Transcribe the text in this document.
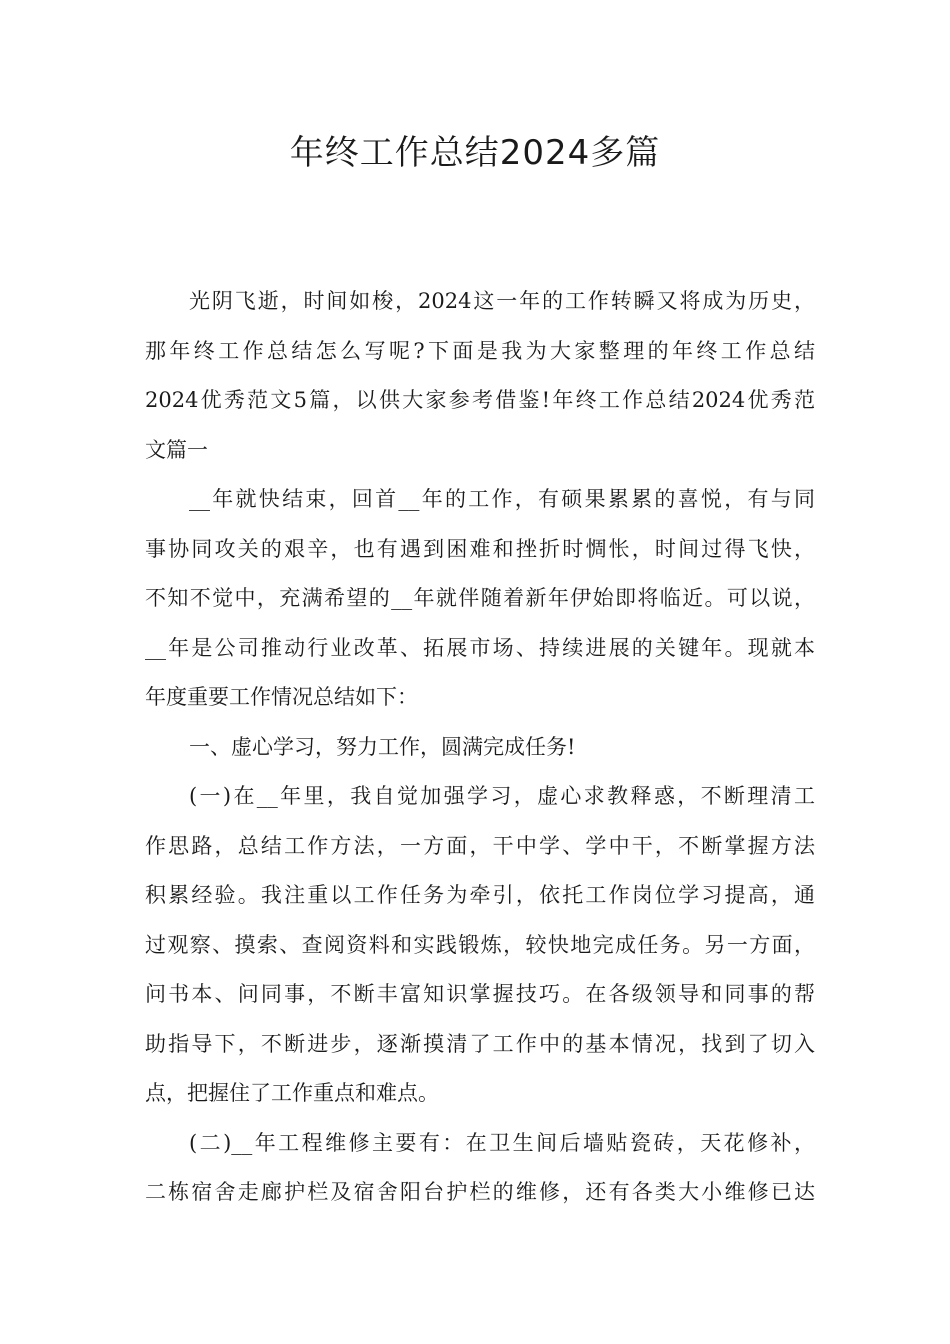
年终工作总结2024多篇
光阴飞逝，时间如梭，2024这一年的工作转瞬又将成为历史，
那年终工作总结怎么写呢?下面是我为大家整理的年终工作总结
2024优秀范文5篇，以供大家参考借鉴!年终工作总结2024优秀范
文篇一
__年就快结束，回首__年的工作，有硕果累累的喜悦，有与同
事协同攻关的艰辛，也有遇到困难和挫折时惆怅，时间过得飞快，
不知不觉中，充满希望的__年就伴随着新年伊始即将临近。可以说，
__年是公司推动行业改革、拓展市场、持续进展的关键年。现就本
年度重要工作情况总结如下：
一、虚心学习，努力工作，圆满完成任务!
(一)在__年里，我自觉加强学习，虚心求教释惑，不断理清工
作思路，总结工作方法，一方面，干中学、学中干，不断掌握方法
积累经验。我注重以工作任务为牵引，依托工作岗位学习提高，通
过观察、摸索、查阅资料和实践锻炼，较快地完成任务。另一方面，
问书本、问同事，不断丰富知识掌握技巧。在各级领导和同事的帮
助指导下，不断进步，逐渐摸清了工作中的基本情况，找到了切入
点，把握住了工作重点和难点。
(二)__年工程维修主要有：在卫生间后墙贴瓷砖，天花修补，
二栋宿舍走廊护栏及宿舍阳台护栏的维修，还有各类大小维修已达
